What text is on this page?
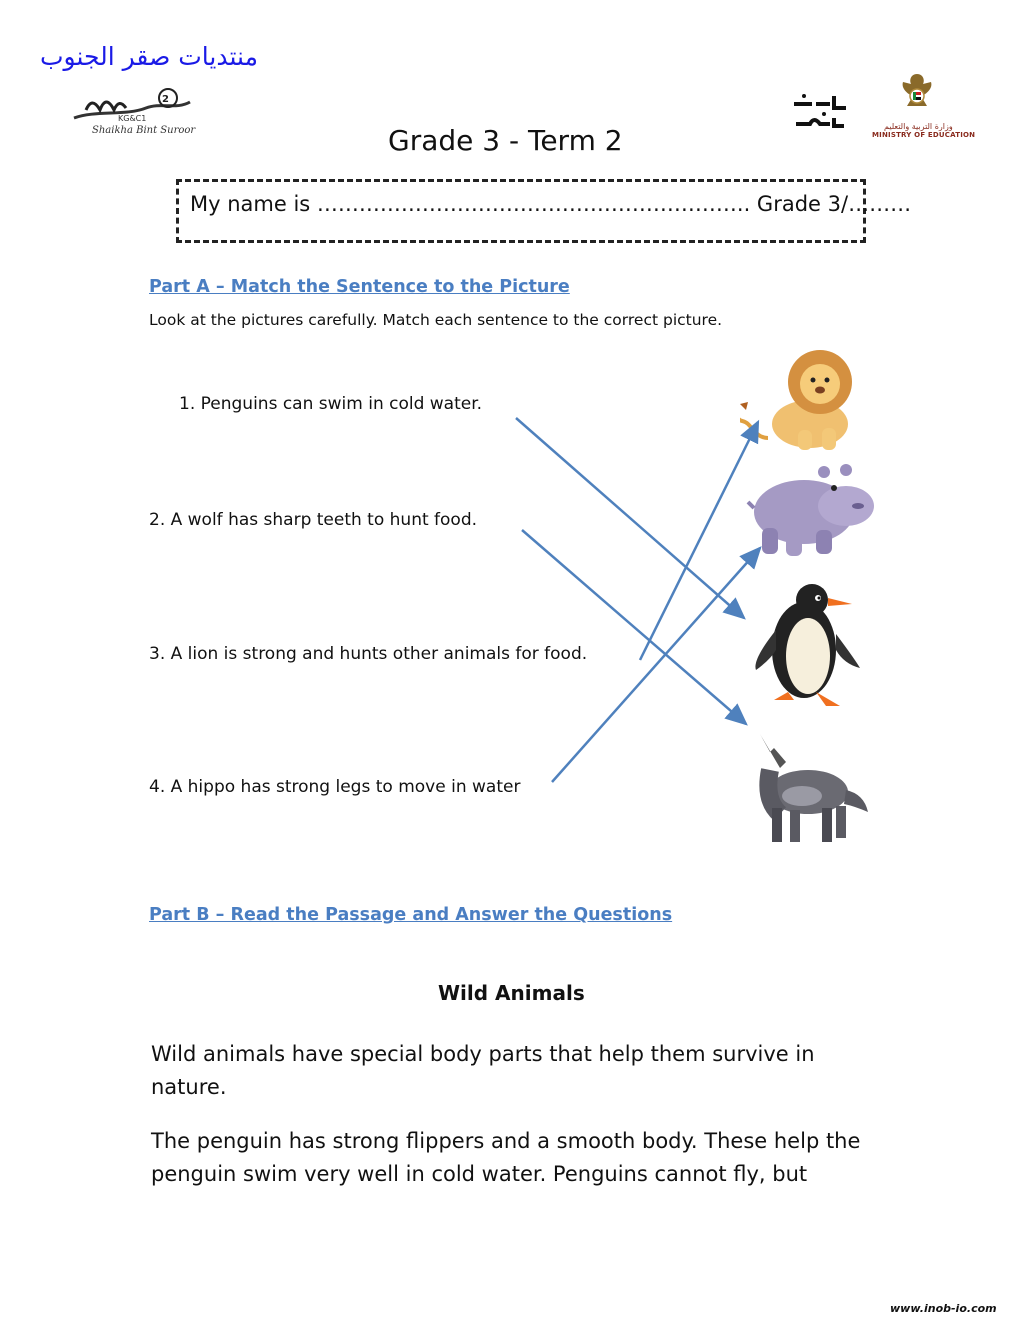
منتديات صقر الجنوب
2
KG&C1
Shaikha Bint Suroor	وزارة التربية والتعليم
MINISTRY OF EDUCATION
Grade 3 - Term 2
My name is …………………………………………………….. Grade 3/………
Part A – Match the Sentence to the Picture
Look at the pictures carefully. Match each sentence to the correct picture.
1. Penguins can swim in cold water.
2. A wolf has sharp teeth to hunt food.
3. A lion is strong and hunts other animals for food.
4. A hippo has strong legs to move in water
Part B – Read the Passage and Answer the Questions
Wild Animals
Wild animals have special body parts that help them survive in nature.
The penguin has strong flippers and a smooth body. These help the penguin swim very well in cold water. Penguins cannot fly, but
www.inob-io.com
